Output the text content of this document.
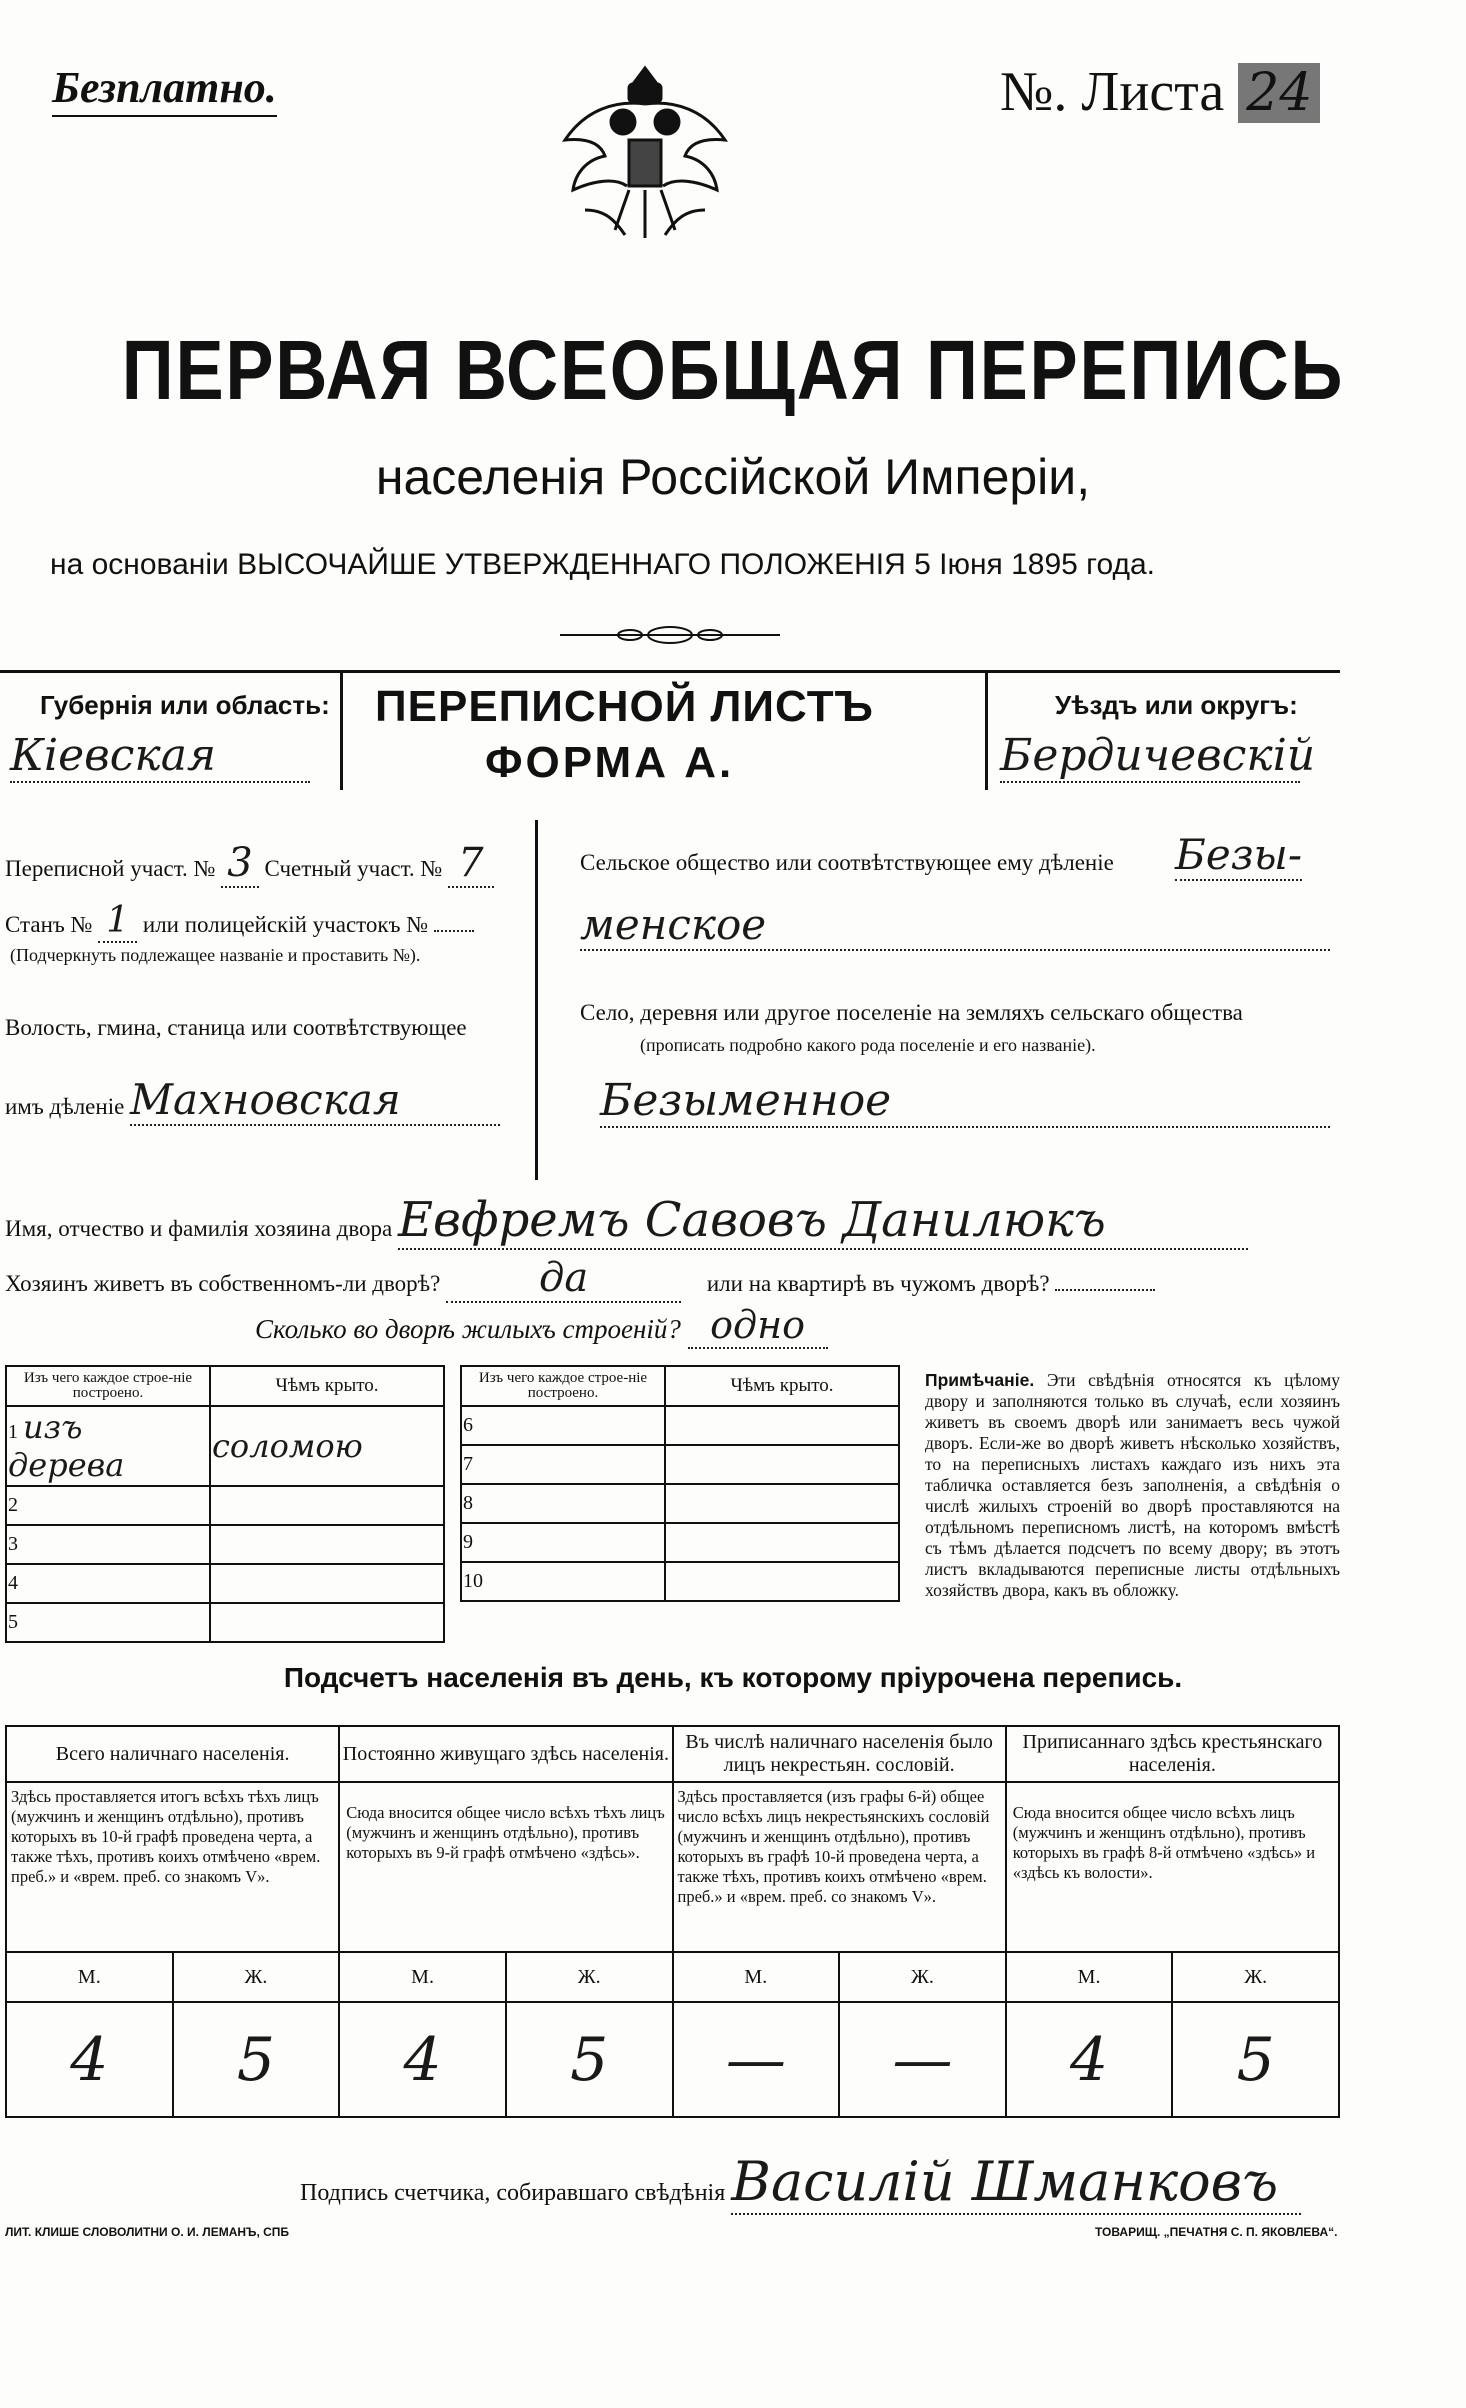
Безплатно.	№. Листа 24
ПЕРВАЯ ВСЕОБЩАЯ ПЕРЕПИСЬ
населенія Россійской Имперіи,
на основаніи ВЫСОЧАЙШЕ УТВЕРЖДЕННАГО ПОЛОЖЕНІЯ 5 Іюня 1895 года.
Губернія или область:
Кіевская
ПЕРЕПИСНОЙ ЛИСТЪ
ФОРМА А.
Уѣздъ или округъ:
Бердичевскій
Переписной участ. № 3 Счетный участ. № 7
Станъ № 1 или полицейскій участокъ №
(Подчеркнуть подлежащее названіе и проставить №).
Волость, гмина, станица или соотвѣтствующее
имъ дѣленіе Махновская
Сельское общество или соотвѣтствующее ему дѣленіе Безы-
менское
Село, деревня или другое поселеніе на земляхъ сельскаго общества
(прописать подробно какого рода поселеніе и его названіе).
Безыменное
Имя, отчество и фамилія хозяина двора Евфремъ Савовъ Данилюкъ
Хозяинъ живетъ въ собственномъ-ли дворѣ? да	или на квартирѣ въ чужомъ дворѣ?
Сколько во дворѣ жилыхъ строеній? одно
Изъ чего каждое строе-ніе построено.	Чѣмъ крыто.
1 изъ дерева	соломою
2	
3	
4	
5	
Изъ чего каждое строе-ніе построено.	Чѣмъ крыто.
6	
7	
8	
9	
10	
Примѣчаніе. Эти свѣдѣнія относятся къ цѣлому двору и заполняются только въ случаѣ, если хозяинъ живетъ въ своемъ дворѣ или занимаетъ весь чужой дворъ. Если-же во дворѣ живетъ нѣсколько хозяйствъ, то на переписныхъ листахъ каждаго изъ нихъ эта табличка оставляется безъ заполненія, а свѣдѣнія о числѣ жилыхъ строеній во дворѣ проставляются на отдѣльномъ переписномъ листѣ, на которомъ вмѣстѣ съ тѣмъ дѣлается подсчетъ по всему двору; въ этотъ листъ вкладываются переписные листы отдѣльныхъ хозяйствъ двора, какъ въ обложку.
Подсчетъ населенія въ день, къ которому пріурочена перепись.
Всего наличнаго населенія.		Постоянно живущаго здѣсь населенія.		Въ числѣ наличнаго населенія было лицъ некрестьян. сословій.		Приписаннаго здѣсь крестьянскаго населенія.	
Здѣсь проставляется итогъ всѣхъ тѣхъ лицъ (мужчинъ и женщинъ отдѣльно), противъ которыхъ въ 10-й графѣ проведена черта, а также тѣхъ, противъ коихъ отмѣчено «врем. преб.» и «врем. преб. со знакомъ V».		Сюда вносится общее число всѣхъ тѣхъ лицъ (мужчинъ и женщинъ отдѣльно), противъ которыхъ въ 9-й графѣ отмѣчено «здѣсь».		Здѣсь проставляется (изъ графы 6-й) общее число всѣхъ лицъ некрестьянскихъ сословій (мужчинъ и женщинъ отдѣльно), противъ которыхъ въ графѣ 10-й проведена черта, а также тѣхъ, противъ коихъ отмѣчено «врем. преб.» и «врем. преб. со знакомъ V».		Сюда вносится общее число всѣхъ лицъ (мужчинъ и женщинъ отдѣльно), противъ которыхъ въ графѣ 8-й отмѣчено «здѣсь» и «здѣсь къ волости».	
М.	Ж.	М.	Ж.	М.	Ж.	М.	Ж.
4	5	4	5	—	—	4	5
Подпись счетчика, собиравшаго свѣдѣнія Василій Шманковъ
ЛИТ. КЛИШЕ СЛОВОЛИТНИ О. И. ЛЕМАНЪ, СПБ	ТОВАРИЩ. „ПЕЧАТНЯ С. П. ЯКОВЛЕВА“.
